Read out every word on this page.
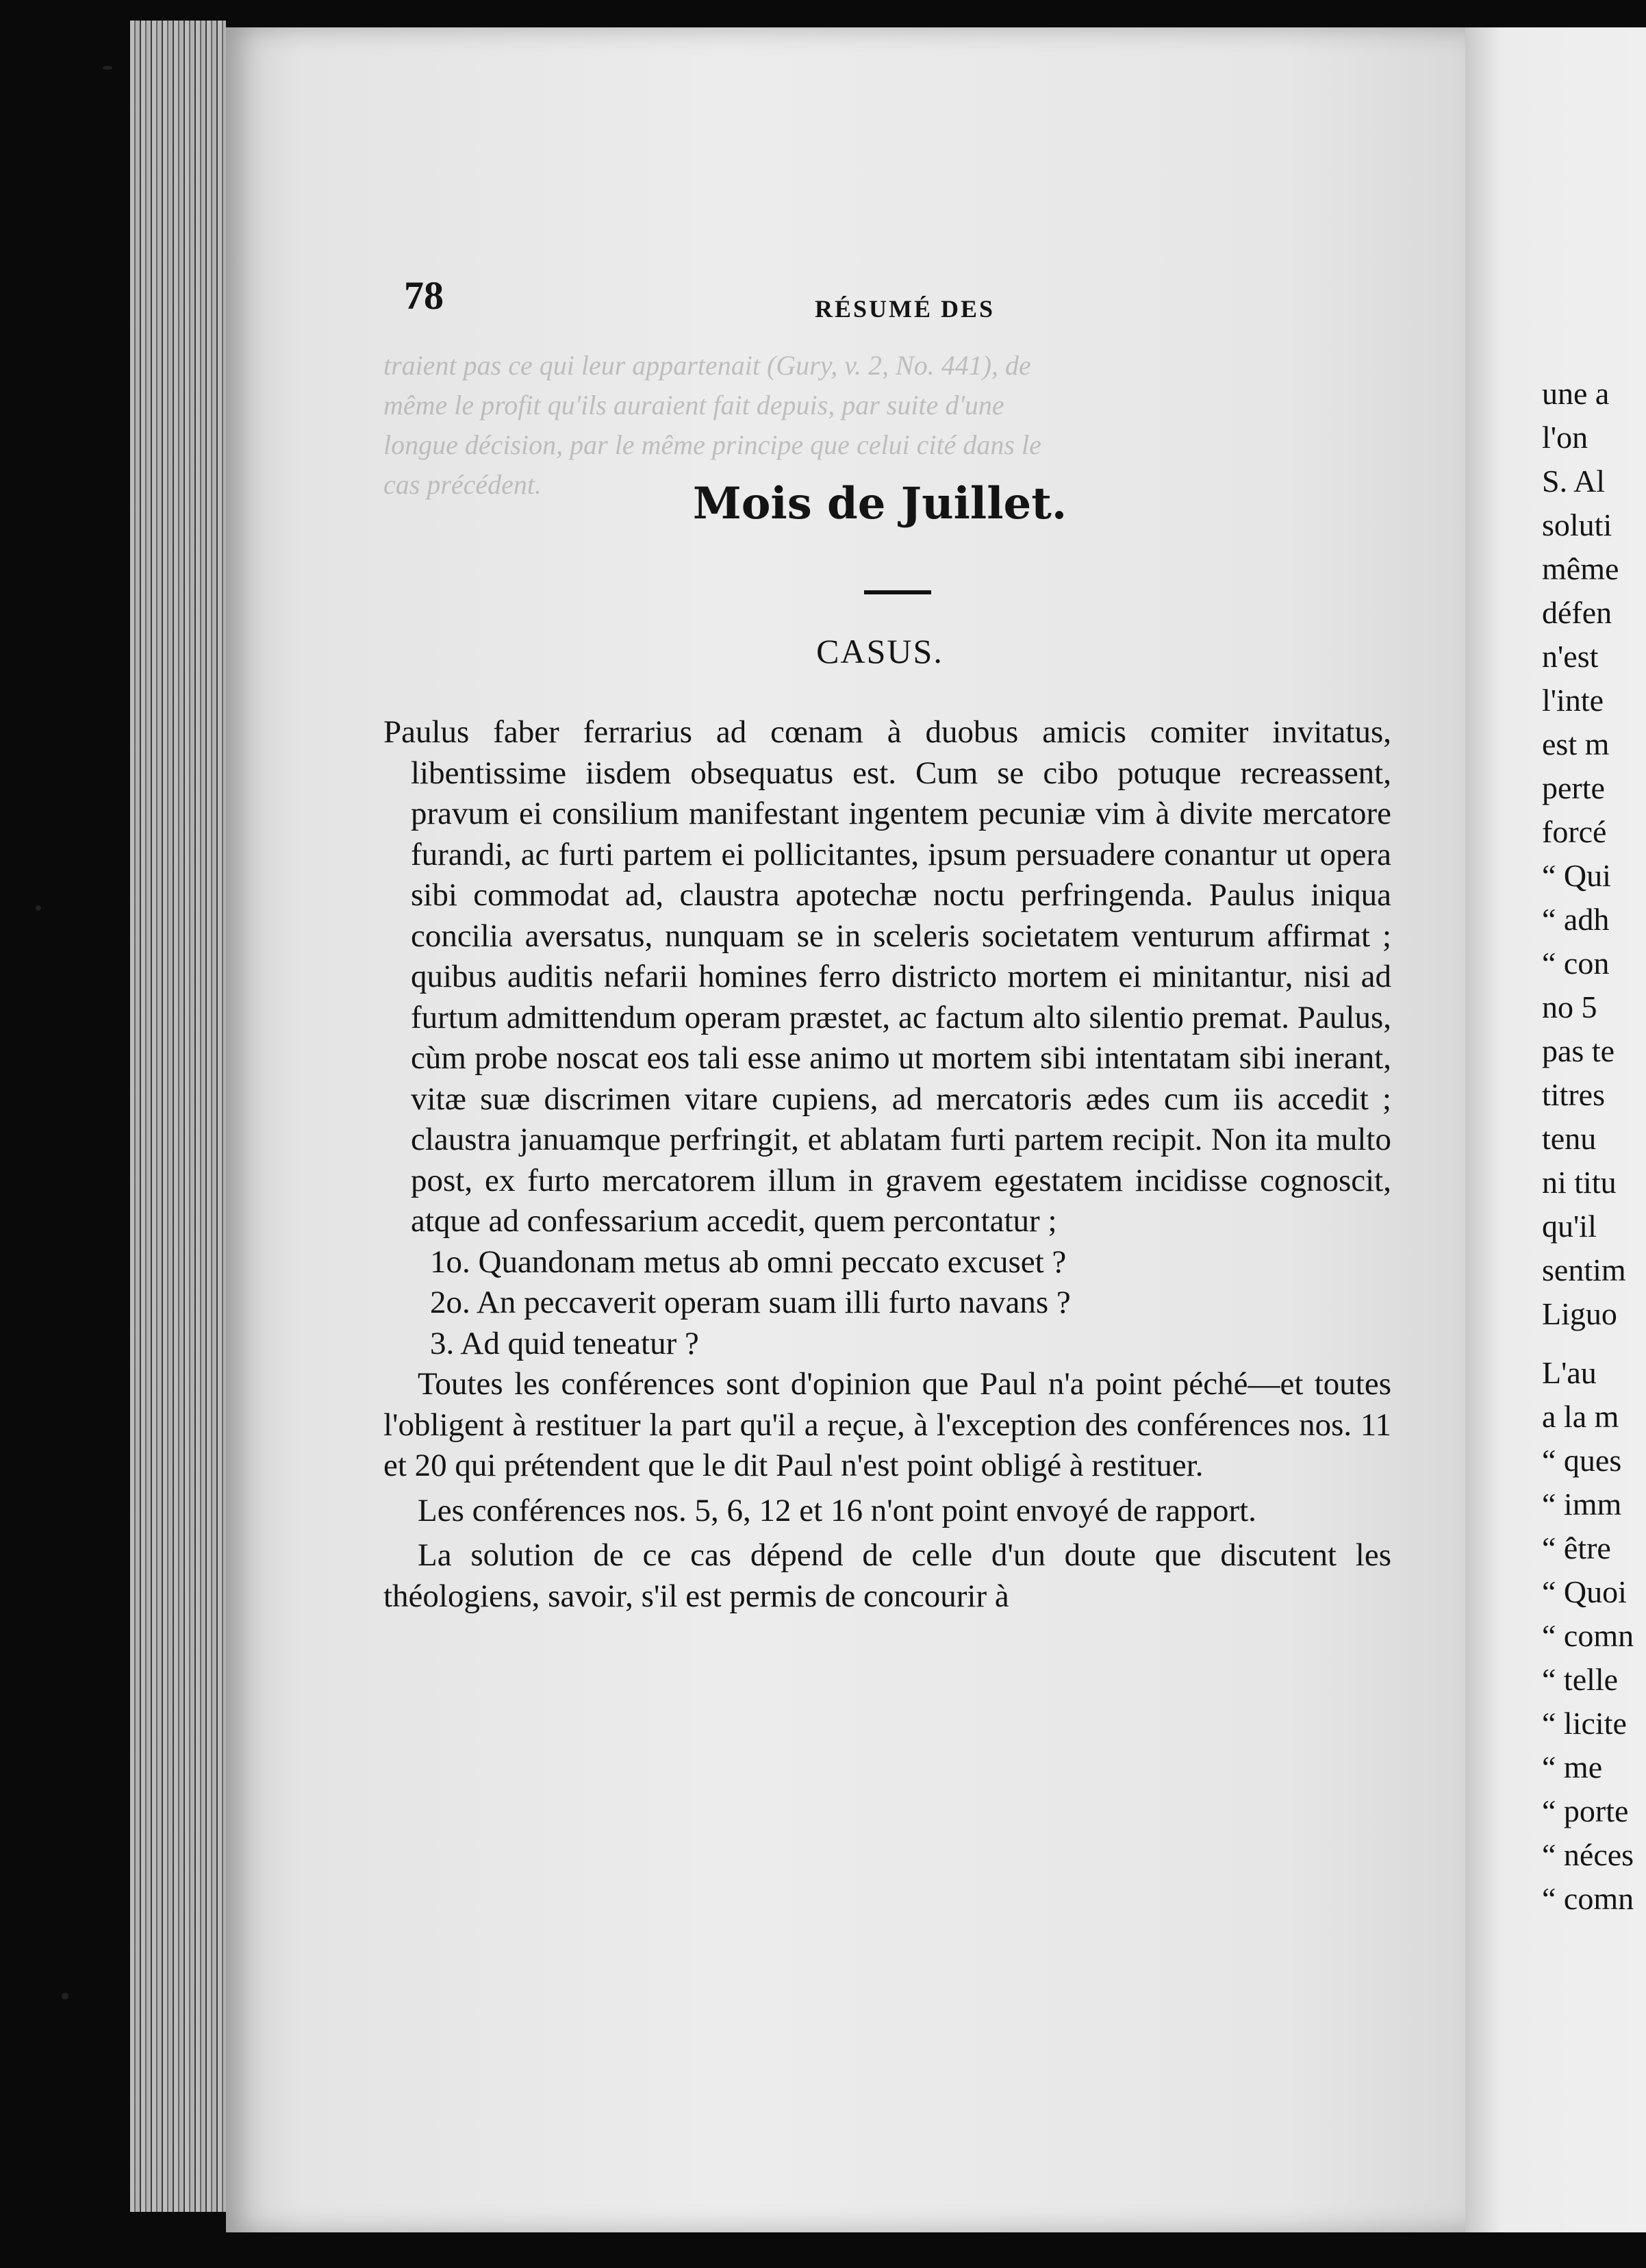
78	RÉSUMÉ DES
traient pas ce qui leur appartenait (Gury, v. 2, No. 441), de
même le profit qu'ils auraient fait depuis, par suite d'une
longue décision, par le même principe que celui cité dans le
cas précédent.	Mois de Juillet.
CASUS.

Paulus faber ferrarius ad cœnam à duobus amicis comiter invitatus, libentissime iisdem obsequatus est. Cum se cibo potuque recreassent, pravum ei consilium manifestant ingentem pecuniæ vim à divite mercatore furandi, ac furti partem ei pollicitantes, ipsum persuadere conantur ut opera sibi commodat ad, claustra apotechæ noctu perfringenda. Paulus iniqua concilia aversatus, nunquam se in sceleris societatem venturum affirmat ; quibus auditis nefarii homines ferro districto mortem ei minitantur, nisi ad furtum admittendum operam præstet, ac factum alto silentio premat. Paulus, cùm probe noscat eos tali esse animo ut mortem sibi intentatam sibi inerant, vitæ suæ discrimen vitare cupiens, ad mercatoris ædes cum iis accedit ; claustra januamque perfringit, et ablatam furti partem recipit. Non ita multo post, ex furto mercatorem illum in gravem egestatem incidisse cognoscit, atque ad confessarium accedit, quem percontatur ;

1o. Quandonam metus ab omni peccato excuset ?

2o. An peccaverit operam suam illi furto navans ?

3. Ad quid teneatur ?

Toutes les conférences sont d'opinion que Paul n'a point péché—et toutes l'obligent à restituer la part qu'il a reçue, à l'exception des conférences nos. 11 et 20 qui prétendent que le dit Paul n'est point obligé à restituer.

Les conférences nos. 5, 6, 12 et 16 n'ont point envoyé de rapport.

La solution de ce cas dépend de celle d'un doute que discutent les théologiens, savoir, s'il est permis de concourir à

une a
l'on
S. Al
soluti
même
défen
n'est
l'inte
est m
perte
forcé
“ Qui
“ adh
“ con
no 5
pas te
titres
tenu
ni titu
qu'il
sentim
Liguo
L'au
a la m
“ ques
“ imm
“ être
“ Quoi
“ comn
“ telle
“ licite
“ me
“ porte
“ néces
“ comn
